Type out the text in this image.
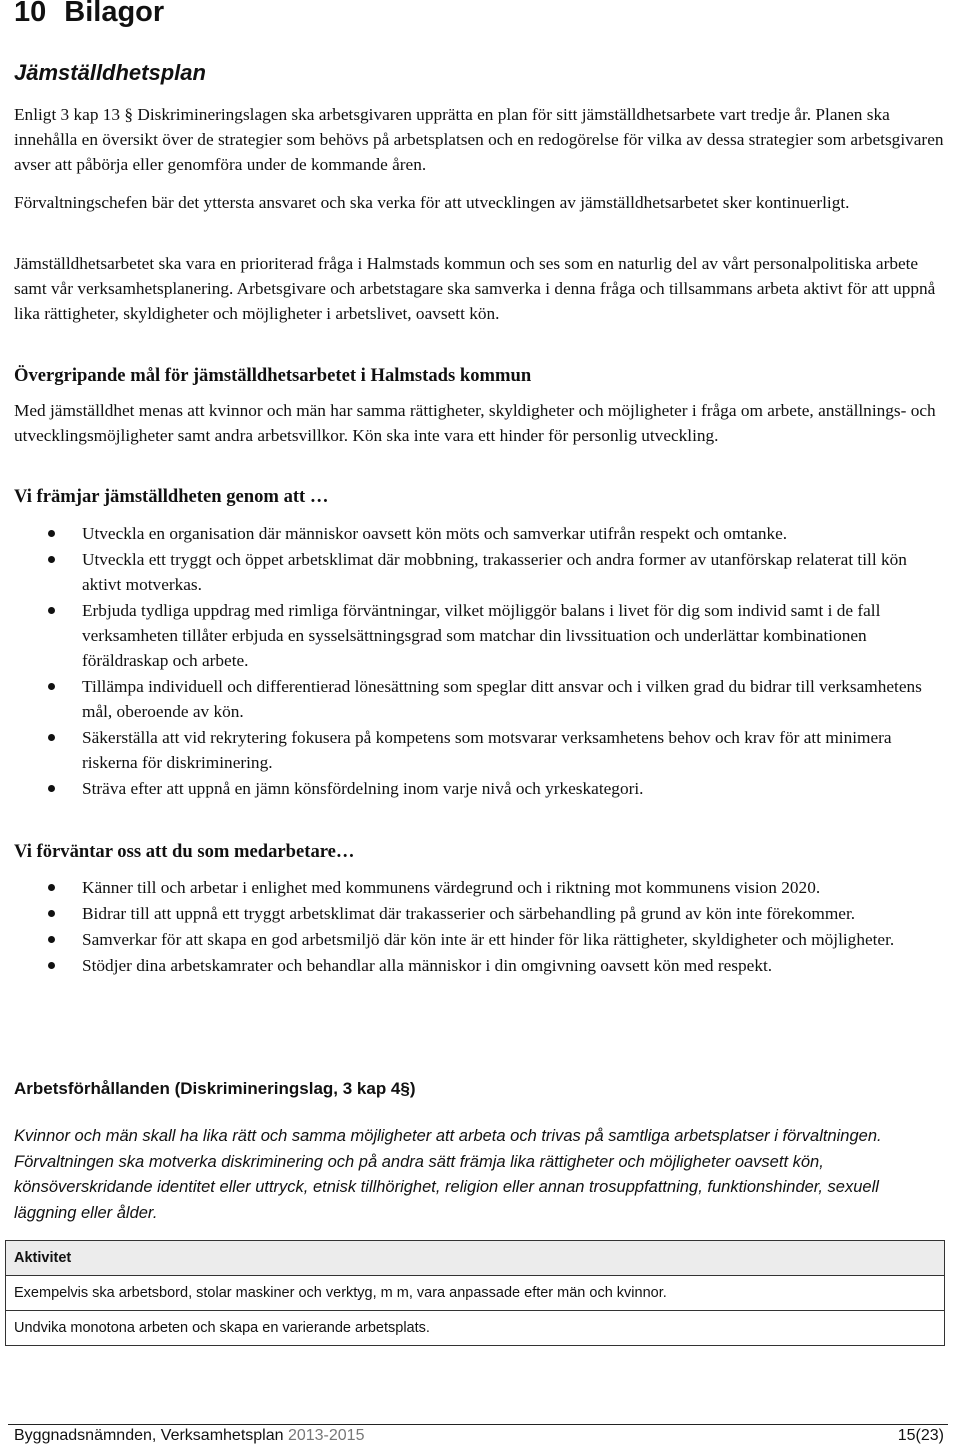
10 Bilagor
Jämställdhetsplan

Enligt 3 kap 13 § Diskrimineringslagen ska arbetsgivaren upprätta en plan för sitt jämställdhetsarbete vart tredje år. Planen ska innehålla en översikt över de strategier som behövs på arbetsplatsen och en redogörelse för vilka av dessa strategier som arbetsgivaren avser att påbörja eller genomföra under de kommande åren.

Förvaltningschefen bär det yttersta ansvaret och ska verka för att utvecklingen av jämställdhetsarbetet sker kontinuerligt.

Jämställdhetsarbetet ska vara en prioriterad fråga i Halmstads kommun och ses som en naturlig del av vårt personalpolitiska arbete samt vår verksamhetsplanering. Arbetsgivare och arbetstagare ska samverka i denna fråga och tillsammans arbeta aktivt för att uppnå lika rättigheter, skyldigheter och möjligheter i arbetslivet, oavsett kön.

Övergripande mål för jämställdhetsarbetet i Halmstads kommun

Med jämställdhet menas att kvinnor och män har samma rättigheter, skyldigheter och möjligheter i fråga om arbete, anställnings- och utvecklingsmöjligheter samt andra arbetsvillkor. Kön ska inte vara ett hinder för personlig utveckling.

Vi främjar jämställdheten genom att …
Utveckla en organisation där människor oavsett kön möts och samverkar utifrån respekt och omtanke.
Utveckla ett tryggt och öppet arbetsklimat där mobbning, trakasserier och andra former av utanförskap relaterat till kön aktivt motverkas.
Erbjuda tydliga uppdrag med rimliga förväntningar, vilket möjliggör balans i livet för dig som individ samt i de fall verksamheten tillåter erbjuda en sysselsättningsgrad som matchar din livssituation och underlättar kombinationen föräldraskap och arbete.
Tillämpa individuell och differentierad lönesättning som speglar ditt ansvar och i vilken grad du bidrar till verksamhetens mål, oberoende av kön.
Säkerställa att vid rekrytering fokusera på kompetens som motsvarar verksamhetens behov och krav för att minimera riskerna för diskriminering.
Sträva efter att uppnå en jämn könsfördelning inom varje nivå och yrkeskategori.
Vi förväntar oss att du som medarbetare…
Känner till och arbetar i enlighet med kommunens värdegrund och i riktning mot kommunens vision 2020.
Bidrar till att uppnå ett tryggt arbetsklimat där trakasserier och särbehandling på grund av kön inte förekommer.
Samverkar för att skapa en god arbetsmiljö där kön inte är ett hinder för lika rättigheter, skyldigheter och möjligheter.
Stödjer dina arbetskamrater och behandlar alla människor i din omgivning oavsett kön med respekt.
Arbetsförhållanden (Diskrimineringslag, 3 kap 4§)

Kvinnor och män skall ha lika rätt och samma möjligheter att arbeta och trivas på samtliga arbetsplatser i förvaltningen. Förvaltningen ska motverka diskriminering och på andra sätt främja lika rättigheter och möjligheter oavsett kön, könsöverskridande identitet eller uttryck, etnisk tillhörighet, religion eller annan trosuppfattning, funktionshinder, sexuell läggning eller ålder.

Aktivitet
Exempelvis ska arbetsbord, stolar maskiner och verktyg, m m, vara anpassade efter män och kvinnor.
Undvika monotona arbeten och skapa en varierande arbetsplats.
Byggnadsnämnden, Verksamhetsplan 2013-2015	15(23)
